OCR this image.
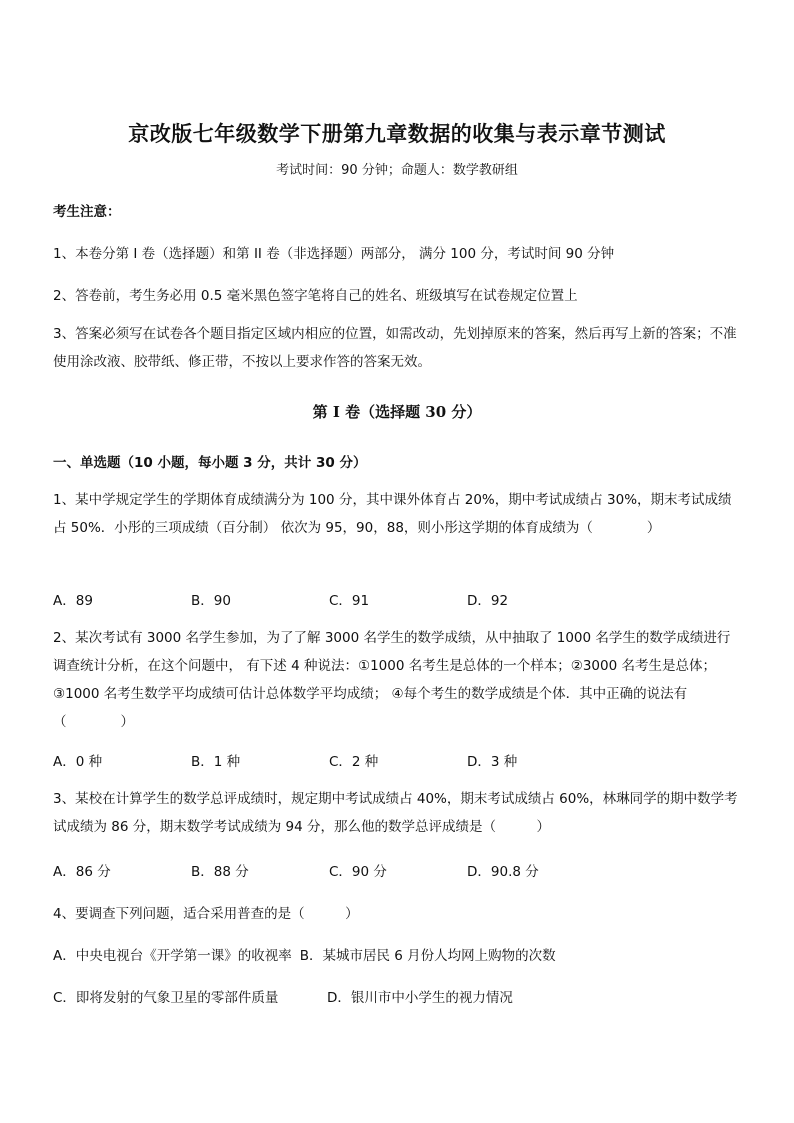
京改版七年级数学下册第九章数据的收集与表示章节测试
考试时间：90 分钟；命题人：数学教研组
考生注意：
1、本卷分第 I 卷（选择题）和第 II 卷（非选择题）两部分， 满分 100 分，考试时间 90 分钟
2、答卷前，考生务必用 0.5 毫米黑色签字笔将自己的姓名、班级填写在试卷规定位置上
3、答案必须写在试卷各个题目指定区域内相应的位置，如需改动，先划掉原来的答案，然后再写上新的答案；不准使用涂改液、胶带纸、修正带，不按以上要求作答的答案无效。
第 I 卷（选择题 30 分）
一、单选题（10 小题，每小题 3 分，共计 30 分）
1、某中学规定学生的学期体育成绩满分为 100 分，其中课外体育占 20%，期中考试成绩占 30%，期末考试成绩占 50%．小彤的三项成绩（百分制） 依次为 95，90，88，则小彤这学期的体育成绩为（　　　　）
A．89	B．90	C．91	D．92
2、某次考试有 3000 名学生参加，为了了解 3000 名学生的数学成绩，从中抽取了 1000 名学生的数学成绩进行调查统计分析，在这个问题中， 有下述 4 种说法：①1000 名考生是总体的一个样本；②3000 名考生是总体；③1000 名考生数学平均成绩可估计总体数学平均成绩； ④每个考生的数学成绩是个体．其中正确的说法有（　　　　）
A．0 种	B．1 种	C．2 种	D．3 种
3、某校在计算学生的数学总评成绩时，规定期中考试成绩占 40%，期末考试成绩占 60%，林琳同学的期中数学考试成绩为 86 分，期末数学考试成绩为 94 分，那么他的数学总评成绩是（　　　）
A．86 分	B．88 分	C．90 分	D．90.8 分
4、要调查下列问题，适合采用普查的是（　　　）
A．中央电视台《开学第一课》的收视率 B．某城市居民 6 月份人均网上购物的次数
C．即将发射的气象卫星的零部件质量	D．银川市中小学生的视力情况
